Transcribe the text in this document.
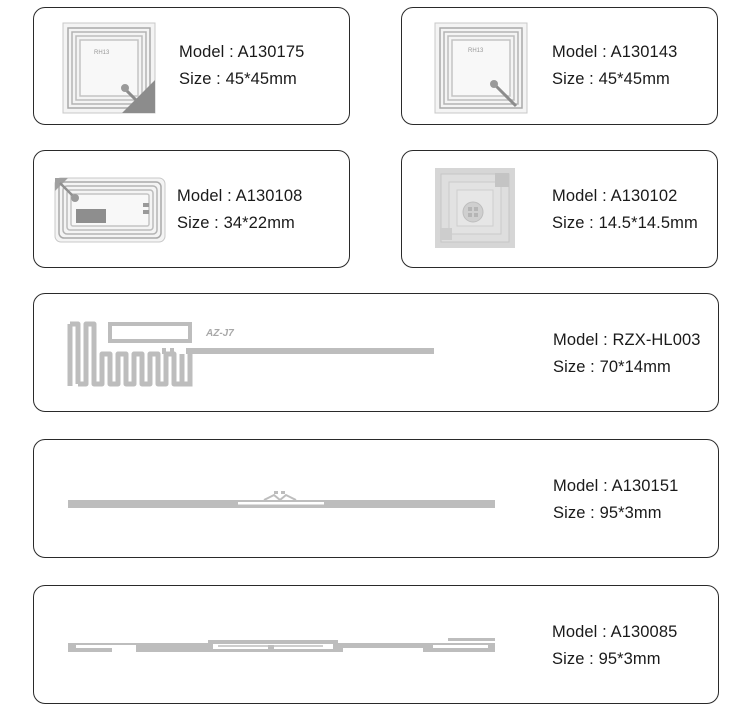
RH13	Model : A130175
Size : 45*45mm
RH13	Model : A130143
Size : 45*45mm
Model : A130108
Size : 34*22mm
Model : A130102
Size : 14.5*14.5mm
AZ-J7	Model : RZX-HL003
Size : 70*14mm
Model : A130151
Size : 95*3mm
Model : A130085
Size : 95*3mm
